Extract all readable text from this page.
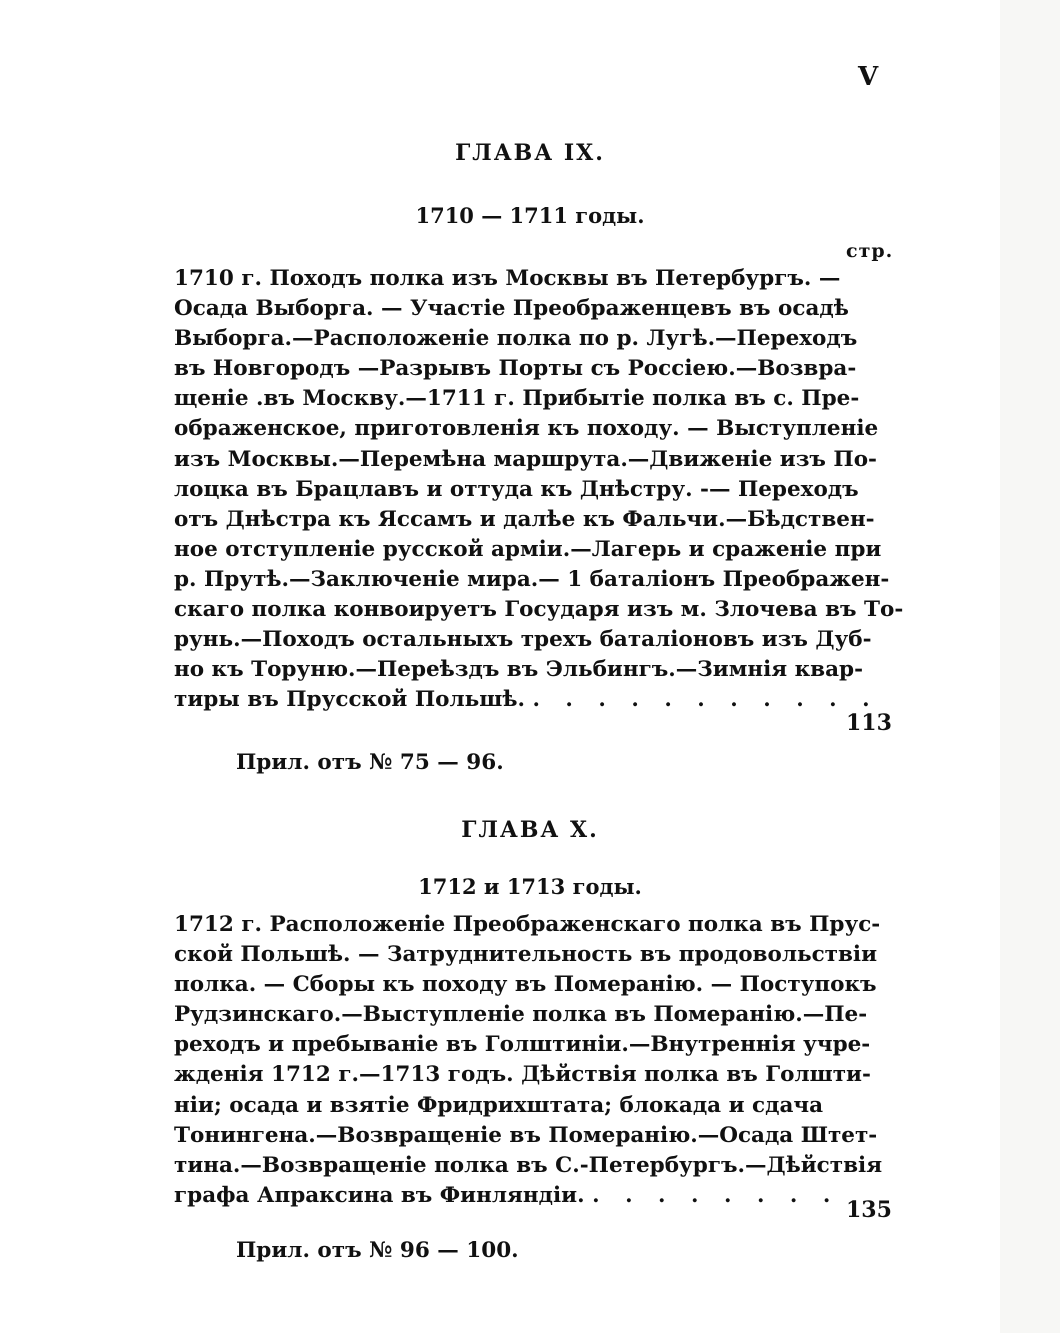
V
ГЛАВА IX.
1710 — 1711 годы.
стр.
1710 г. Походъ полка изъ Москвы въ Петербургъ. —
Осада Выборга. — Участіе Преображенцевъ въ осадѣ
Выборга.—Расположеніе полка по р. Лугѣ.—Переходъ
въ Новгородъ —Разрывъ Порты съ Россіею.—Возвра-
щеніе .въ Москву.—1711 г. Прибытіе полка въ с. Пре-
ображенское, приготовленія къ походу. — Выступленіе
изъ Москвы.—Перемѣна маршрута.—Движеніе изъ По-
лоцка въ Брацлавъ и оттуда къ Днѣстру. -— Переходъ
отъ Днѣстра къ Яссамъ и далѣе къ Фальчи.—Бѣдствен-
ное отступленіе русской арміи.—Лагерь и сраженіе при
р. Прутѣ.—Заключеніе мира.— 1 баталіонъ Преображен-
скаго полка конвоируетъ Государя изъ м. Злочева въ То-
рунь.—Походъ остальныхъ трехъ баталіоновъ изъ Дуб-
но къ Торуню.—Переѣздъ въ Эльбингъ.—Зимнія квар-
тиры въ Прусской Польшѣ. . . . . . . . . . . .
113
Прил. отъ № 75 — 96.
ГЛАВА X.
1712 и 1713 годы.
1712 г. Расположеніе Преображенскаго полка въ Прус-
ской Польшѣ. — Затруднительность въ продовольствіи
полка. — Сборы къ походу въ Померанію. — Поступокъ
Рудзинскаго.—Выступленіе полка въ Померанію.—Пе-
реходъ и пребываніе въ Голштиніи.—Внутреннія учре-
жденія 1712 г.—1713 годъ. Дѣйствія полка въ Голшти-
ніи; осада и взятіе Фридрихштата; блокада и сдача
Тонингена.—Возвращеніе въ Померанію.—Осада Штет-
тина.—Возвращеніе полка въ С.-Петербургъ.—Дѣйствія
графа Апраксина въ Финляндіи. . . . . . . . .
135
Прил. отъ № 96 — 100.
